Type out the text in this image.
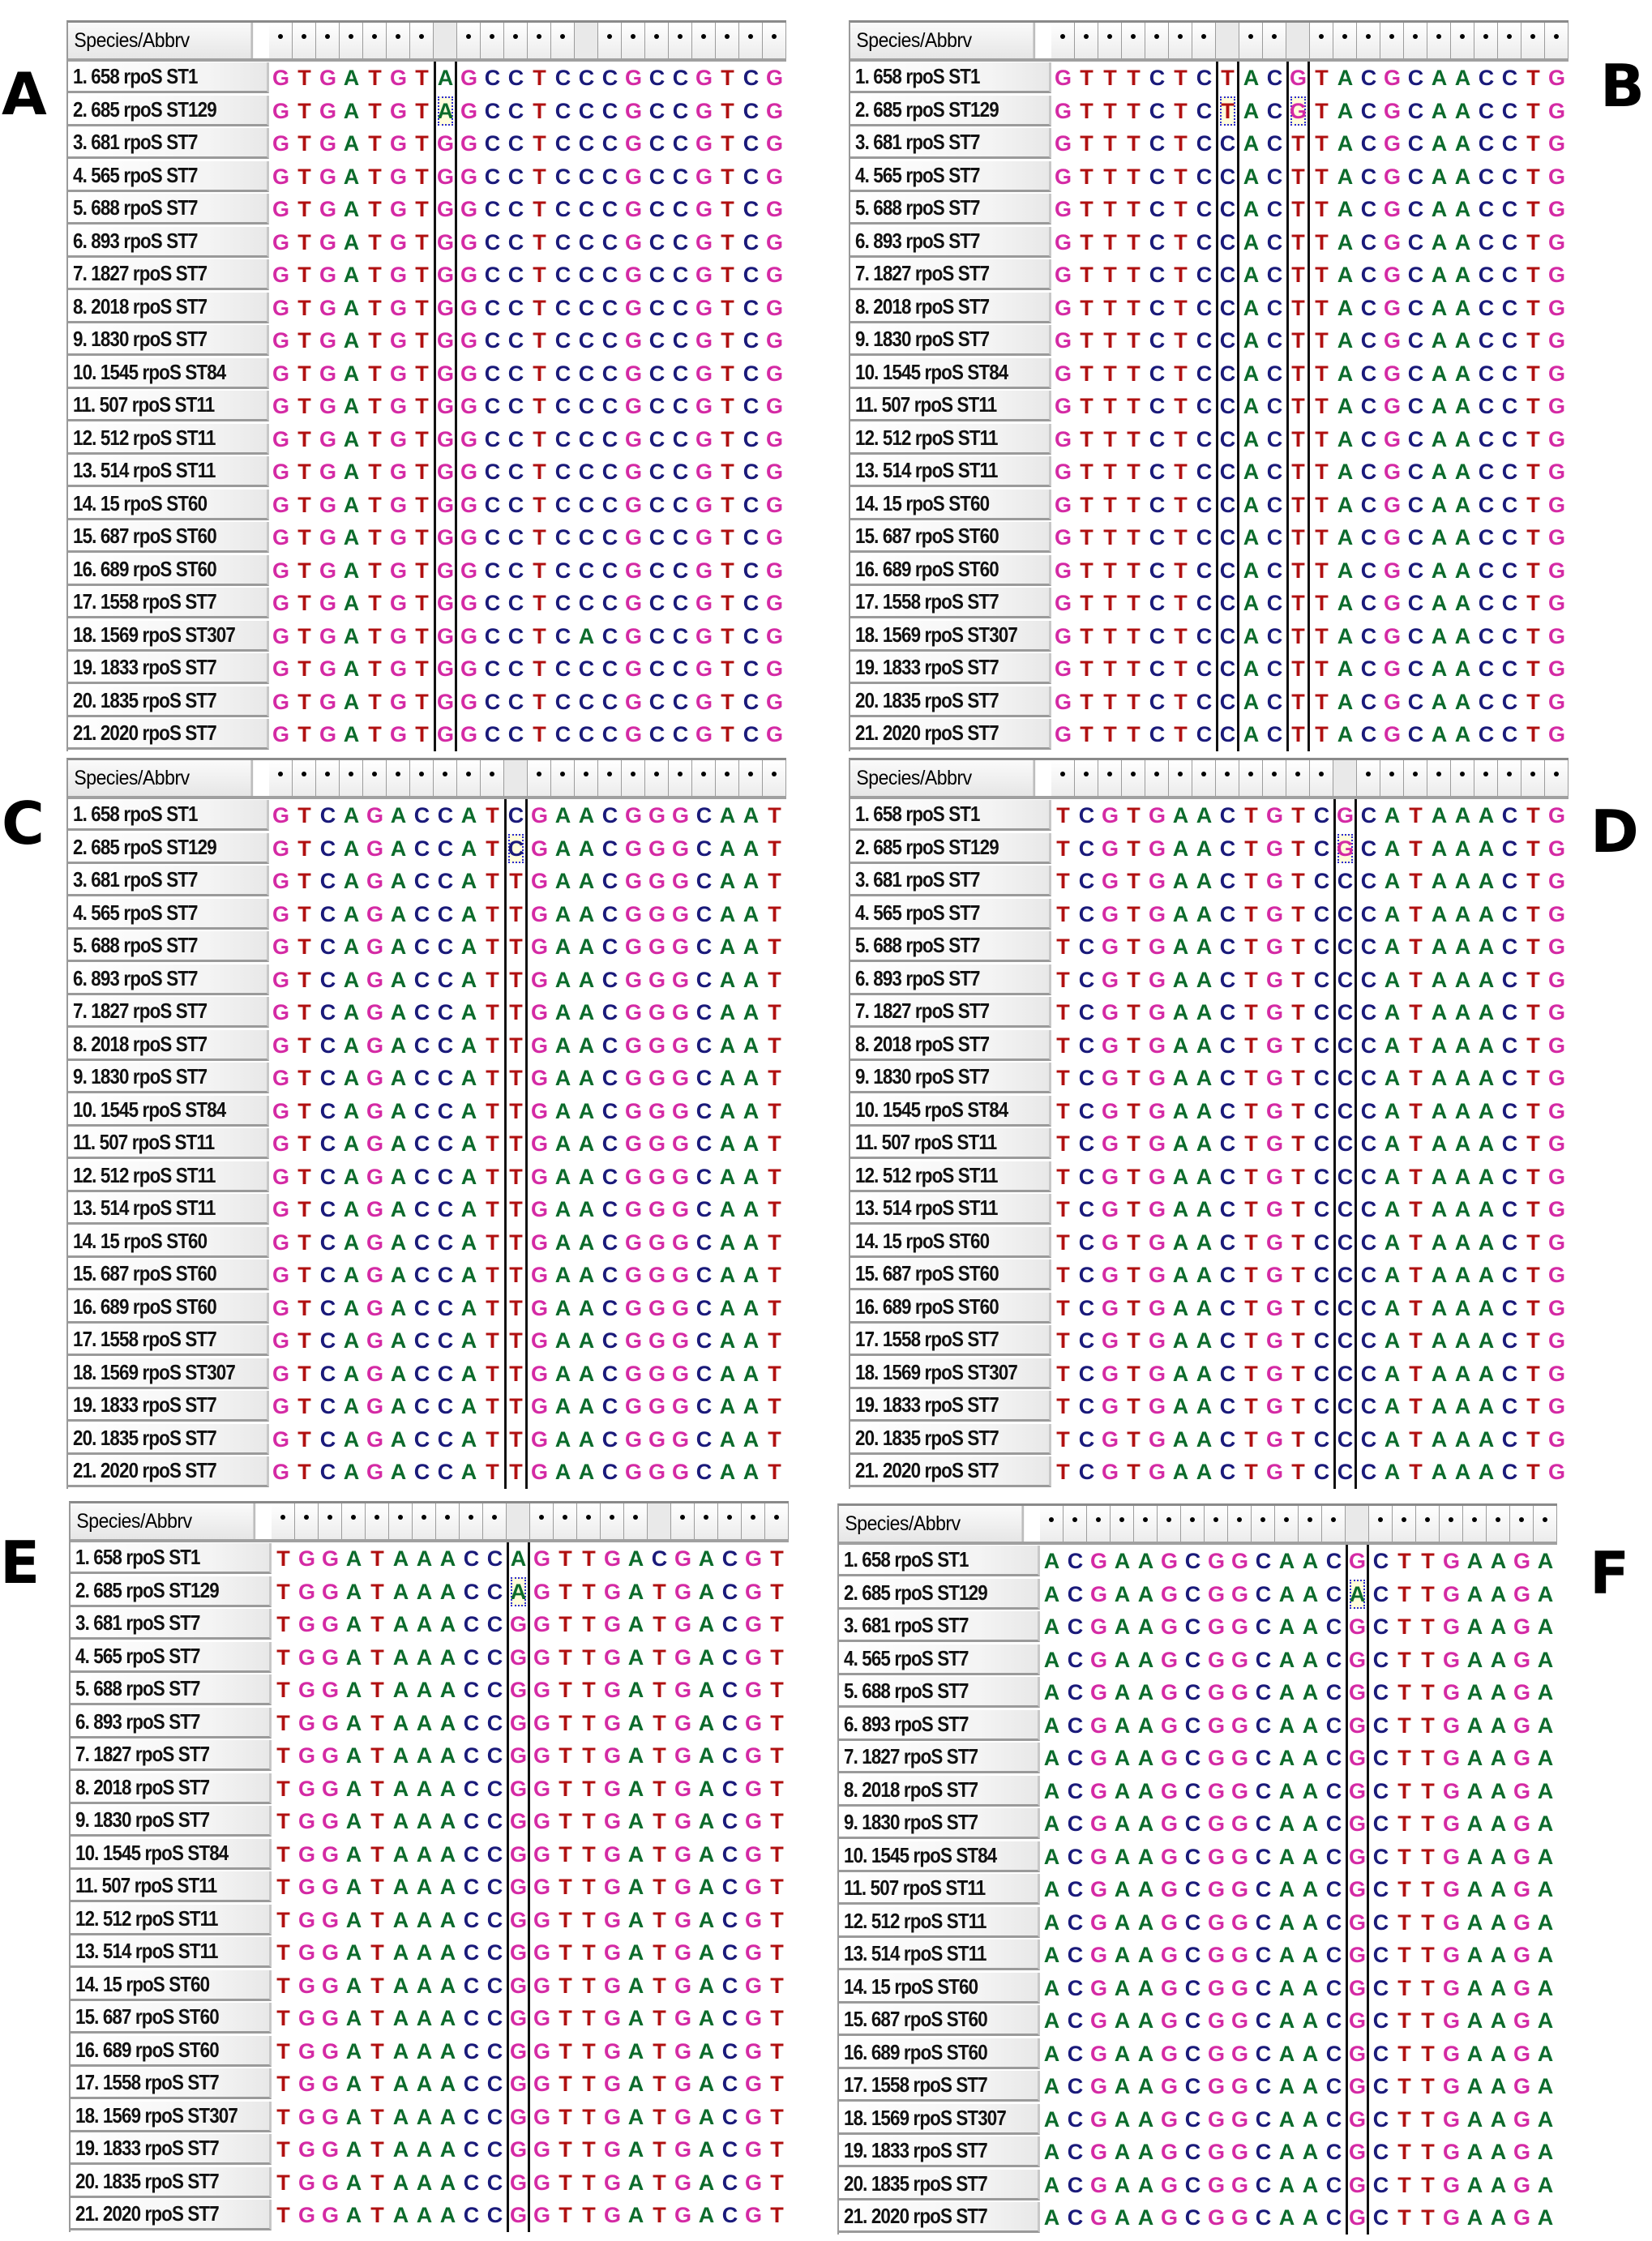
A
Species/Abbrv
1. 658 rpoS ST1	G T G A T G T A G C C T C C C G C C G T C G
2. 685 rpoS ST129	G T G A T G T A G C C T C C C G C C G T C G
3. 681 rpoS ST7	G T G A T G T G G C C T C C C G C C G T C G
4. 565 rpoS ST7	G T G A T G T G G C C T C C C G C C G T C G
5. 688 rpoS ST7	G T G A T G T G G C C T C C C G C C G T C G
6. 893 rpoS ST7	G T G A T G T G G C C T C C C G C C G T C G
7. 1827 rpoS ST7	G T G A T G T G G C C T C C C G C C G T C G
8. 2018 rpoS ST7	G T G A T G T G G C C T C C C G C C G T C G
9. 1830 rpoS ST7	G T G A T G T G G C C T C C C G C C G T C G
10. 1545 rpoS ST84 G T G A T G T G G C C T C C C G C C G T C G
11. 507 rpoS ST11	G T G A T G T G G C C T C C C G C C G T C G
12. 512 rpoS ST11	G T G A T G T G G C C T C C C G C C G T C G
13. 514 rpoS ST11	G T G A T G T G G C C T C C C G C C G T C G
14. 15 rpoS ST60	G T G A T G T G G C C T C C C G C C G T C G
15. 687 rpoS ST60	G T G A T G T G G C C T C C C G C C G T C G
16. 689 rpoS ST60	G T G A T G T G G C C T C C C G C C G T C G
17. 1558 rpoS ST7	G T G A T G T G G C C T C C C G C C G T C G
18. 1569 rpoS ST307 G T G A T G T G G C C T C A C G C C G T C G
19. 1833 rpoS ST7	G T G A T G T G G C C T C C C G C C G T C G
20. 1835 rpoS ST7	G T G A T G T G G C C T C C C G C C G T C G
21. 2020 rpoS ST7	G T G A T G T G G C C T C C C G C C G T C G
B
Species/Abbrv
1. 658 rpoS ST1	G T T T C T C T A C G T A C G C A A C C T G
2. 685 rpoS ST129	G T T T C T C T A C G T A C G C A A C C T G
3. 681 rpoS ST7	G T T T C T C C A C T T A C G C A A C C T G
4. 565 rpoS ST7	G T T T C T C C A C T T A C G C A A C C T G
5. 688 rpoS ST7	G T T T C T C C A C T T A C G C A A C C T G
6. 893 rpoS ST7	G T T T C T C C A C T T A C G C A A C C T G
7. 1827 rpoS ST7	G T T T C T C C A C T T A C G C A A C C T G
8. 2018 rpoS ST7	G T T T C T C C A C T T A C G C A A C C T G
9. 1830 rpoS ST7	G T T T C T C C A C T T A C G C A A C C T G
10. 1545 rpoS ST84 G T T T C T C C A C T T A C G C A A C C T G
11. 507 rpoS ST11	G T T T C T C C A C T T A C G C A A C C T G
12. 512 rpoS ST11	G T T T C T C C A C T T A C G C A A C C T G
13. 514 rpoS ST11	G T T T C T C C A C T T A C G C A A C C T G
14. 15 rpoS ST60	G T T T C T C C A C T T A C G C A A C C T G
15. 687 rpoS ST60	G T T T C T C C A C T T A C G C A A C C T G
16. 689 rpoS ST60	G T T T C T C C A C T T A C G C A A C C T G
17. 1558 rpoS ST7	G T T T C T C C A C T T A C G C A A C C T G
18. 1569 rpoS ST307 G T T T C T C C A C T T A C G C A A C C T G
19. 1833 rpoS ST7	G T T T C T C C A C T T A C G C A A C C T G
20. 1835 rpoS ST7	G T T T C T C C A C T T A C G C A A C C T G
21. 2020 rpoS ST7	G T T T C T C C A C T T A C G C A A C C T G
C
Species/Abbrv
1. 658 rpoS ST1	G T C A G A C C A T C G A A C G G G C A A T
2. 685 rpoS ST129	G T C A G A C C A T C G A A C G G G C A A T
3. 681 rpoS ST7	G T C A G A C C A T T G A A C G G G C A A T
4. 565 rpoS ST7	G T C A G A C C A T T G A A C G G G C A A T
5. 688 rpoS ST7	G T C A G A C C A T T G A A C G G G C A A T
6. 893 rpoS ST7	G T C A G A C C A T T G A A C G G G C A A T
7. 1827 rpoS ST7	G T C A G A C C A T T G A A C G G G C A A T
8. 2018 rpoS ST7	G T C A G A C C A T T G A A C G G G C A A T
9. 1830 rpoS ST7	G T C A G A C C A T T G A A C G G G C A A T
10. 1545 rpoS ST84 G T C A G A C C A T T G A A C G G G C A A T
11. 507 rpoS ST11	G T C A G A C C A T T G A A C G G G C A A T
12. 512 rpoS ST11	G T C A G A C C A T T G A A C G G G C A A T
13. 514 rpoS ST11	G T C A G A C C A T T G A A C G G G C A A T
14. 15 rpoS ST60	G T C A G A C C A T T G A A C G G G C A A T
15. 687 rpoS ST60	G T C A G A C C A T T G A A C G G G C A A T
16. 689 rpoS ST60	G T C A G A C C A T T G A A C G G G C A A T
17. 1558 rpoS ST7	G T C A G A C C A T T G A A C G G G C A A T
18. 1569 rpoS ST307 G T C A G A C C A T T G A A C G G G C A A T
19. 1833 rpoS ST7	G T C A G A C C A T T G A A C G G G C A A T
20. 1835 rpoS ST7	G T C A G A C C A T T G A A C G G G C A A T
21. 2020 rpoS ST7	G T C A G A C C A T T G A A C G G G C A A T
D
Species/Abbrv
1. 658 rpoS ST1	T C G T G A A C T G T C G C A T A A A C T G
2. 685 rpoS ST129	T C G T G A A C T G T C G C A T A A A C T G
3. 681 rpoS ST7	T C G T G A A C T G T C C C A T A A A C T G
4. 565 rpoS ST7	T C G T G A A C T G T C C C A T A A A C T G
5. 688 rpoS ST7	T C G T G A A C T G T C C C A T A A A C T G
6. 893 rpoS ST7	T C G T G A A C T G T C C C A T A A A C T G
7. 1827 rpoS ST7	T C G T G A A C T G T C C C A T A A A C T G
8. 2018 rpoS ST7	T C G T G A A C T G T C C C A T A A A C T G
9. 1830 rpoS ST7	T C G T G A A C T G T C C C A T A A A C T G
10. 1545 rpoS ST84 T C G T G A A C T G T C C C A T A A A C T G
11. 507 rpoS ST11	T C G T G A A C T G T C C C A T A A A C T G
12. 512 rpoS ST11	T C G T G A A C T G T C C C A T A A A C T G
13. 514 rpoS ST11	T C G T G A A C T G T C C C A T A A A C T G
14. 15 rpoS ST60	T C G T G A A C T G T C C C A T A A A C T G
15. 687 rpoS ST60	T C G T G A A C T G T C C C A T A A A C T G
16. 689 rpoS ST60	T C G T G A A C T G T C C C A T A A A C T G
17. 1558 rpoS ST7	T C G T G A A C T G T C C C A T A A A C T G
18. 1569 rpoS ST307 T C G T G A A C T G T C C C A T A A A C T G
19. 1833 rpoS ST7	T C G T G A A C T G T C C C A T A A A C T G
20. 1835 rpoS ST7	T C G T G A A C T G T C C C A T A A A C T G
21. 2020 rpoS ST7	T C G T G A A C T G T C C C A T A A A C T G
E
Species/Abbrv
1. 658 rpoS ST1	T G G A T A A A C C A G T T G A C G A C G T
2. 685 rpoS ST129	T G G A T A A A C C A G T T G A T G A C G T
3. 681 rpoS ST7	T G G A T A A A C C G G T T G A T G A C G T
4. 565 rpoS ST7	T G G A T A A A C C G G T T G A T G A C G T
5. 688 rpoS ST7	T G G A T A A A C C G G T T G A T G A C G T
6. 893 rpoS ST7	T G G A T A A A C C G G T T G A T G A C G T
7. 1827 rpoS ST7	T G G A T A A A C C G G T T G A T G A C G T
8. 2018 rpoS ST7	T G G A T A A A C C G G T T G A T G A C G T
9. 1830 rpoS ST7	T G G A T A A A C C G G T T G A T G A C G T
10. 1545 rpoS ST84 T G G A T A A A C C G G T T G A T G A C G T
11. 507 rpoS ST11	T G G A T A A A C C G G T T G A T G A C G T
12. 512 rpoS ST11	T G G A T A A A C C G G T T G A T G A C G T
13. 514 rpoS ST11	T G G A T A A A C C G G T T G A T G A C G T
14. 15 rpoS ST60	T G G A T A A A C C G G T T G A T G A C G T
15. 687 rpoS ST60	T G G A T A A A C C G G T T G A T G A C G T
16. 689 rpoS ST60	T G G A T A A A C C G G T T G A T G A C G T
17. 1558 rpoS ST7	T G G A T A A A C C G G T T G A T G A C G T
18. 1569 rpoS ST307 T G G A T A A A C C G G T T G A T G A C G T
19. 1833 rpoS ST7	T G G A T A A A C C G G T T G A T G A C G T
20. 1835 rpoS ST7	T G G A T A A A C C G G T T G A T G A C G T
21. 2020 rpoS ST7	T G G A T A A A C C G G T T G A T G A C G T
F
Species/Abbrv
1. 658 rpoS ST1	A C G A A G C G G C A A C G C T T G A A G A
2. 685 rpoS ST129	A C G A A G C G G C A A C A C T T G A A G A
3. 681 rpoS ST7	A C G A A G C G G C A A C G C T T G A A G A
4. 565 rpoS ST7	A C G A A G C G G C A A C G C T T G A A G A
5. 688 rpoS ST7	A C G A A G C G G C A A C G C T T G A A G A
6. 893 rpoS ST7	A C G A A G C G G C A A C G C T T G A A G A
7. 1827 rpoS ST7	A C G A A G C G G C A A C G C T T G A A G A
8. 2018 rpoS ST7	A C G A A G C G G C A A C G C T T G A A G A
9. 1830 rpoS ST7	A C G A A G C G G C A A C G C T T G A A G A
10. 1545 rpoS ST84 A C G A A G C G G C A A C G C T T G A A G A
11. 507 rpoS ST11	A C G A A G C G G C A A C G C T T G A A G A
12. 512 rpoS ST11	A C G A A G C G G C A A C G C T T G A A G A
13. 514 rpoS ST11	A C G A A G C G G C A A C G C T T G A A G A
14. 15 rpoS ST60	A C G A A G C G G C A A C G C T T G A A G A
15. 687 rpoS ST60	A C G A A G C G G C A A C G C T T G A A G A
16. 689 rpoS ST60	A C G A A G C G G C A A C G C T T G A A G A
17. 1558 rpoS ST7	A C G A A G C G G C A A C G C T T G A A G A
18. 1569 rpoS ST307 A C G A A G C G G C A A C G C T T G A A G A
19. 1833 rpoS ST7	A C G A A G C G G C A A C G C T T G A A G A
20. 1835 rpoS ST7	A C G A A G C G G C A A C G C T T G A A G A
21. 2020 rpoS ST7	A C G A A G C G G C A A C G C T T G A A G A
